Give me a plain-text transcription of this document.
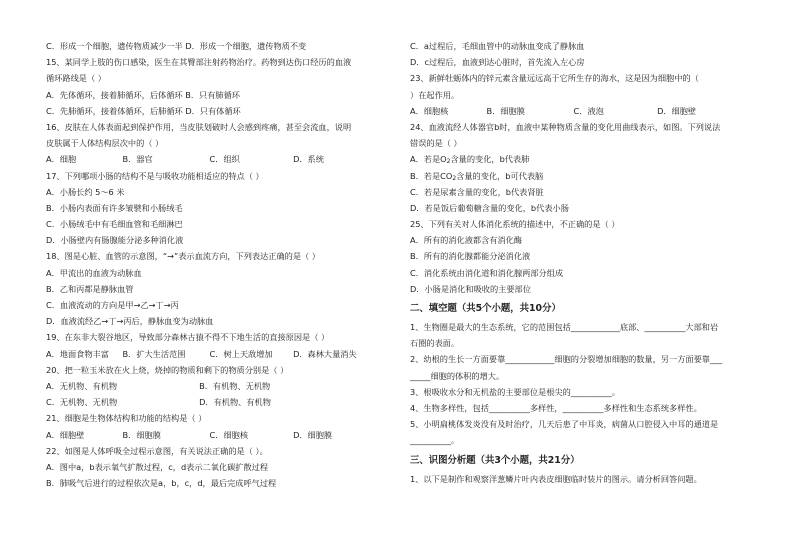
C．形成一个细胞，遗传物质减少一半 D．形成一个细胞，遗传物质不变
15、某同学上肢的伤口感染，医生在其臀部注射药物治疗。药物到达伤口经历的血液
循环路线是（ ）
A．先体循环，接着肺循环，后体循环 B．只有肺循环
C．先肺循环，接着体循环，后肺循环 D．只有体循环
16、皮肤在人体表面起到保护作用，当皮肤划破时人会感到疼痛，甚至会流血，说明
皮肤属于人体结构层次中的（ ）
A．细胞	B．器官	C．组织	D．系统
17、下列哪项小肠的结构不是与吸收功能相适应的特点（ ）
A．小肠长约 5～6 米
B．小肠内表面有许多皱襞和小肠绒毛
C．小肠绒毛中有毛细血管和毛细淋巴
D．小肠壁内有肠腺能分泌多种消化液
18、图是心脏、血管的示意图，“→”表示血流方向，下列表达正确的是（ ）
A．甲流出的血液为动脉血
B．乙和丙都是静脉血管
C．血液流动的方向是甲→乙→丁→丙
D．血液流经乙→丁→丙后，静脉血变为动脉血
19、在东非大裂谷地区，导致部分森林古猿不得不下地生活的直接原因是（ ）
A．地面食物丰富 B．扩大生活范围	C．树上天敌增加 D．森林大量消失
20、把一粒玉米放在火上烧，烧掉的物质和剩下的物质分别是（ ）
A．无机物、有机物	B．有机物、无机物
C．无机物、无机物	D．有机物、有机物
21、细胞是生物体结构和功能的结构是（ ）
A．细胞壁	B．细胞膜	C．细胞核	D．细胞膜
22、如图是人体呼吸全过程示意图，有关说法正确的是（ ）。
A．图中a，b表示氧气扩散过程，c，d表示二氧化碳扩散过程
B．肺吸气后进行的过程依次是a，b，c，d，最后完成呼气过程
C．a过程后，毛细血管中的动脉血变成了静脉血
D．c过程后，血液到达心脏时，首先流入左心房
23、新鲜牡蛎体内的锌元素含量远远高于它所生存的海水，这是因为细胞中的（
）在起作用。
A．细胞核	B．细胞膜	C．液泡	D．细胞壁
24、血液流经人体器官b时，血液中某种物质含量的变化用曲线表示，如图。下列说法
错误的是（ ）
A．若是$O_2$含量的变化，b代表肺
B．若是$CO_2$含量的变化，b可代表脑
C．若是尿素含量的变化，b代表肾脏
D．若是饭后葡萄糖含量的变化，b代表小肠
25、下列有关对人体消化系统的描述中，不正确的是（ ）
A．所有的消化液都含有消化酶
B．所有的消化腺都能分泌消化液
C．消化系统由消化道和消化腺两部分组成
D．小肠是消化和吸收的主要部位
二、填空题（共5个小题，共10分）
1、生物圈是最大的生态系统，它的范围包括____________底部、__________大部和岩
石圈的表面。
2、幼根的生长一方面要靠____________细胞的分裂增加细胞的数量，另一方面要靠___
_____细胞的体积的增大。
3、根吸收水分和无机盐的主要部位是根尖的__________。
4、生物多样性，包括__________多样性，__________多样性和生态系统多样性。
5、小明扁桃体发炎没有及时治疗，几天后患了中耳炎，病菌从口腔侵入中耳的通道是
__________。
三、识图分析题（共3个小题，共21分）
1、以下是制作和观察洋葱鳞片叶内表皮细胞临时装片的图示。请分析回答问题。
